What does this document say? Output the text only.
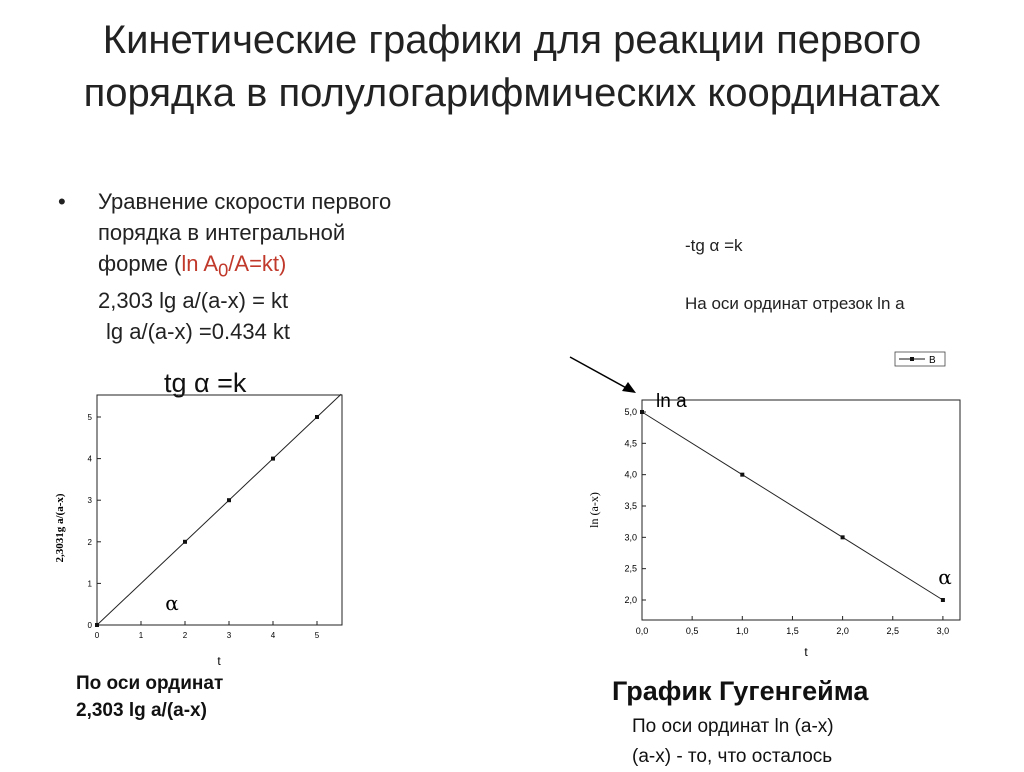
Кинетические графики для реакции первого порядка в полулогарифмических координатах
• Уравнение скорости первого
порядка в интегральной
форме (ln $A_0/A=kt$)
2,303 lg a/(a-x) = kt
lg a/(a-x) =0.434 kt
-tg α =k
На оси ординат отрезок ln a
tg α =k
0	1	2	3	4	5
0
1
2
3
4
5
2,3031g a/(a-x)
t
α
0,0	0,5	1,0	1,5	2,0	2,5	3,0
2,0
2,5
3,0
3,5
4,0
4,5
5,0
ln (a-x)
t
α
ln a
B
По оси ординат
2,303 lg a/(a-x)
График Гугенгейма
По оси ординат ln (a-x)
(a-x) - то, что осталось
